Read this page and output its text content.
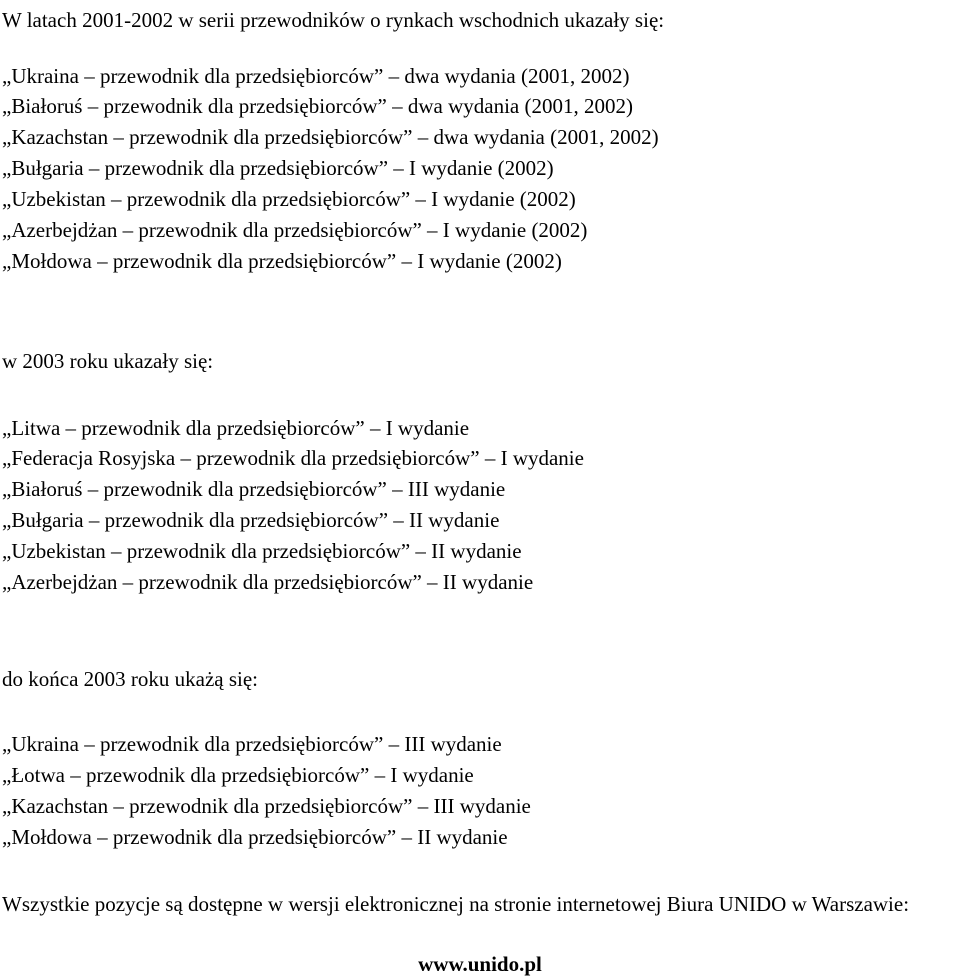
W latach 2001-2002 w serii przewodników o rynkach wschodnich ukazały się:
„Ukraina – przewodnik dla przedsiębiorców” – dwa wydania (2001, 2002)
„Białoruś – przewodnik dla przedsiębiorców” – dwa wydania (2001, 2002)
„Kazachstan – przewodnik dla przedsiębiorców” – dwa wydania (2001, 2002)
„Bułgaria – przewodnik dla przedsiębiorców” – I wydanie (2002)
„Uzbekistan – przewodnik dla przedsiębiorców” – I wydanie (2002)
„Azerbejdżan – przewodnik dla przedsiębiorców” – I wydanie (2002)
„Mołdowa – przewodnik dla przedsiębiorców” – I wydanie (2002)
w 2003 roku ukazały się:
„Litwa – przewodnik dla przedsiębiorców” – I wydanie
„Federacja Rosyjska – przewodnik dla przedsiębiorców” – I wydanie
„Białoruś – przewodnik dla przedsiębiorców” – III wydanie
„Bułgaria – przewodnik dla przedsiębiorców” – II wydanie
„Uzbekistan – przewodnik dla przedsiębiorców” – II wydanie
„Azerbejdżan – przewodnik dla przedsiębiorców” – II wydanie
do końca 2003 roku ukażą się:
„Ukraina – przewodnik dla przedsiębiorców” – III wydanie
„Łotwa – przewodnik dla przedsiębiorców” – I wydanie
„Kazachstan – przewodnik dla przedsiębiorców” – III wydanie
„Mołdowa – przewodnik dla przedsiębiorców” – II wydanie
Wszystkie pozycje są dostępne w wersji elektronicznej na stronie internetowej Biura UNIDO w Warszawie:
www.unido.pl
